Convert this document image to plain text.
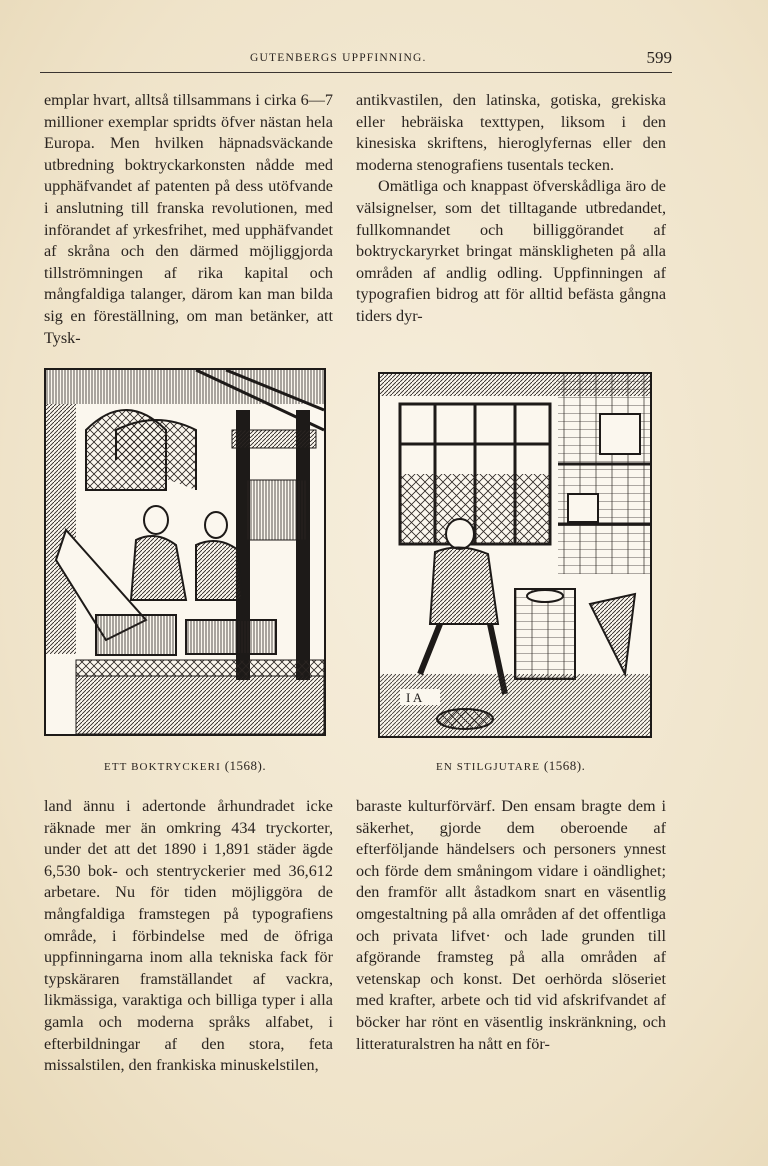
GUTENBERGS UPPFINNING.	599

emplar hvart, alltså tillsammans i cirka 6—7 millioner exemplar spridts öfver nästan hela Europa. Men hvilken häpnadsväckande utbredning boktryckarkonsten nådde med upphäfvandet af patenten på dess utöfvande i anslutning till franska revolutionen, med införandet af yrkesfrihet, med upphäfvandet af skråna och den därmed möjliggjorda tillströmningen af rika kapital och mångfaldiga talanger, därom kan man bilda sig en föreställning, om man betänker, att Tysk-

antikvastilen, den latinska, gotiska, grekiska eller hebräiska texttypen, liksom i den kinesiska skriftens, hieroglyfernas eller den moderna stenografiens tusentals tecken.

Omätliga och knappast öfverskådliga äro de välsignelser, som det tilltagande utbredandet, fullkomnandet och billiggörandet af boktryckaryrket bringat mänskligheten på alla områden af andlig odling. Uppfinningen af typografien bidrog att för alltid befästa gångna tiders dyr-

I A
ETT BOKTRYCKERI (1568).	EN STILGJUTARE (1568).

land ännu i adertonde århundradet icke räknade mer än omkring 434 tryckorter, under det att det 1890 i 1,891 städer ägde 6,530 bok- och stentryckerier med 36,612 arbetare. Nu för tiden möjliggöra de mångfaldiga framstegen på typografiens område, i förbindelse med de öfriga uppfinningarna inom alla tekniska fack för typskäraren framställandet af vackra, likmässiga, varaktiga och billiga typer i alla gamla och moderna språks alfabet, i efterbildningar af den stora, feta missalstilen, den frankiska minuskelstilen,

baraste kulturförvärf. Den ensam bragte dem i säkerhet, gjorde dem oberoende af efterföljande händelsers och personers ynnest och förde dem småningom vidare i oändlighet; den framför allt åstadkom snart en väsentlig omgestaltning på alla områden af det offentliga och privata lifvet· och lade grunden till afgörande framsteg på alla områden af vetenskap och konst. Det oerhörda slöseriet med krafter, arbete och tid vid afskrifvandet af böcker har rönt en väsentlig inskränkning, och litteraturalstren ha nått en för-
